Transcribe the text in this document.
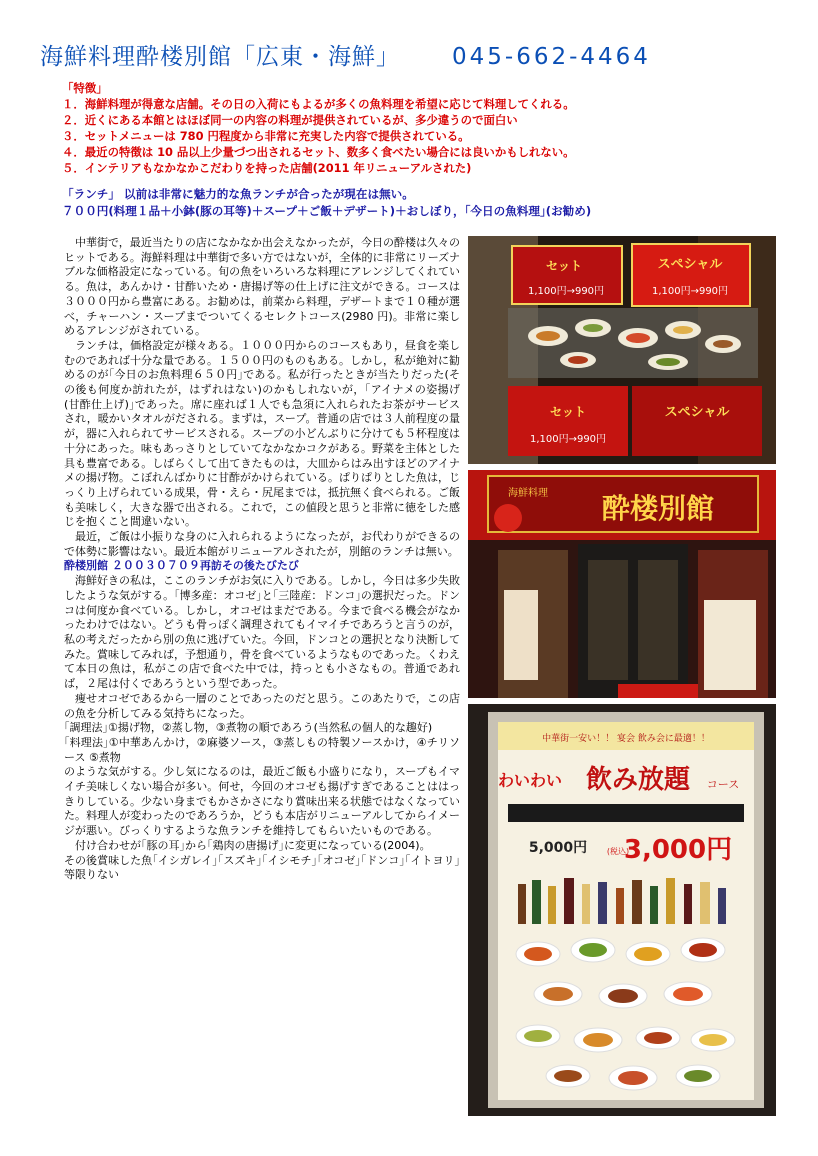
海鮮料理酔楼別館「広東・海鮮」 045-662-4464
「特徴」
１．海鮮料理が得意な店舗。その日の入荷にもよるが多くの魚料理を希望に応じて料理してくれる。
２．近くにある本館とはほぼ同一の内容の料理が提供されているが、多少違うので面白い
３．セットメニューは 780 円程度から非常に充実した内容で提供されている。
４．最近の特徴は 10 品以上少量づつ出されるセット、数多く食べたい場合には良いかもしれない。
５．インテリアもなかなかこだわりを持った店舗(2011 年リニューアルされた)
「ランチ」 以前は非常に魅力的な魚ランチが合ったが現在は無い。
７００円(料理１品＋小鉢(豚の耳等)＋スープ＋ご飯＋デザート)＋おしぼり，｢今日の魚料理｣(お勧め)

中華街で，最近当たりの店になかなか出会えなかったが，今日の酔楼は久々のヒットである。海鮮料理は中華街で多い方ではないが，全体的に非常にリーズナブルな価格設定になっている。旬の魚をいろいろな料理にアレンジしてくれている。魚は，あんかけ・甘酢いため・唐揚げ等の仕上げに注文ができる。コースは３０００円から豊富にある。お勧めは，前菜から料理，デザートまで１０種が選べ，チャーハン・スープまでついてくるセレクトコース(2980 円)。非常に楽しめるアレンジがされている。

ランチは，価格設定が様々ある。１０００円からのコースもあり，昼食を楽しむのであれば十分な量である。１５００円のものもある。しかし，私が絶対に勧めるのが｢今日のお魚料理６５０円｣である。私が行ったときが当たりだった(その後も何度か訪れたが，はずれはない)のかもしれないが，｢アイナメの姿揚げ(甘酢仕上げ)｣であった。席に座れば１人でも急須に入れられたお茶がサービスされ，暖かいタオルがだされる。まずは，スープ。普通の店では３人前程度の量が，器に入れられてサービスされる。スープの小どんぶりに分けても５杯程度は十分にあった。味もあっさりとしていてなかなかコクがある。野菜を主体とした具も豊富である。しばらくして出てきたものは，大皿からはみ出すほどのアイナメの揚げ物。こぼれんばかりに甘酢がかけられている。ぱりぱりとした魚は，じっくり上げられている成果，骨・えら・尻尾までは，抵抗無く食べられる。ご飯も美味しく，大きな器で出される。これで，この値段と思うと非常に徳をした感じを抱くこと間違いない。

最近，ご飯は小振りな身のに入れられるようになったが，お代わりができるので体勢に影響はない。最近本館がリニューアルされたが，別館のランチは無い。

酔楼別館 ２００３０７０９再訪その後たびたび

海鮮好きの私は，ここのランチがお気に入りである。しかし，今日は多少失敗したような気がする。｢博多産：オコゼ｣と｢三陸産：ドンコ｣の選択だった。ドンコは何度か食べている。しかし，オコゼはまだである。今まで食べる機会がなかったわけではない。どうも骨っぽく調理されてもイマイチであろうと言うのが，私の考えだったから別の魚に逃げていた。今回，ドンコとの選択となり決断してみた。賞味してみれば，予想通り，骨を食べているようなものであった。くわえて本日の魚は，私がこの店で食べた中では，持っとも小さなもの。普通であれば，２尾は付くであろうという型であった。

痩せオコゼであるから一層のことであったのだと思う。このあたりで，この店の魚を分析してみる気持ちになった。

｢調理法｣①揚げ物，②蒸し物，③煮物の順であろう(当然私の個人的な趣好)

｢料理法｣①中華あんかけ，②麻婆ソース，③蒸しもの特製ソースかけ，④チリソース ⑤煮物

のような気がする。少し気になるのは，最近ご飯も小盛りになり，スープもイマイチ美味しくない場合が多い。何せ，今回のオコゼも揚げすぎであることははっきりしている。少ない身までもかさかさになり賞味出来る状態ではなくなっていた。料理人が変わったのであろうか，どうも本店がリニューアルしてからイメージが悪い。びっくりするような魚ランチを維持してもらいたいものである。

付け合わせが｢豚の耳｣から｢鶏肉の唐揚げ｣に変更になっている(2004)。

その後賞味した魚｢イシガレイ｣｢スズキ｣｢イシモチ｣｢オコゼ｣｢ドンコ｣｢イトヨリ｣等限りない

セット	スペシャル
1,100円→990円	1,100円→990円
セット	スペシャル
1,100円→990円
海鮮料理 酔楼別館
中華街一安い！！ 宴会 飲み会に最適！！
わいわい 飲み放題 コース
5,000円 3,000円
(税込)
